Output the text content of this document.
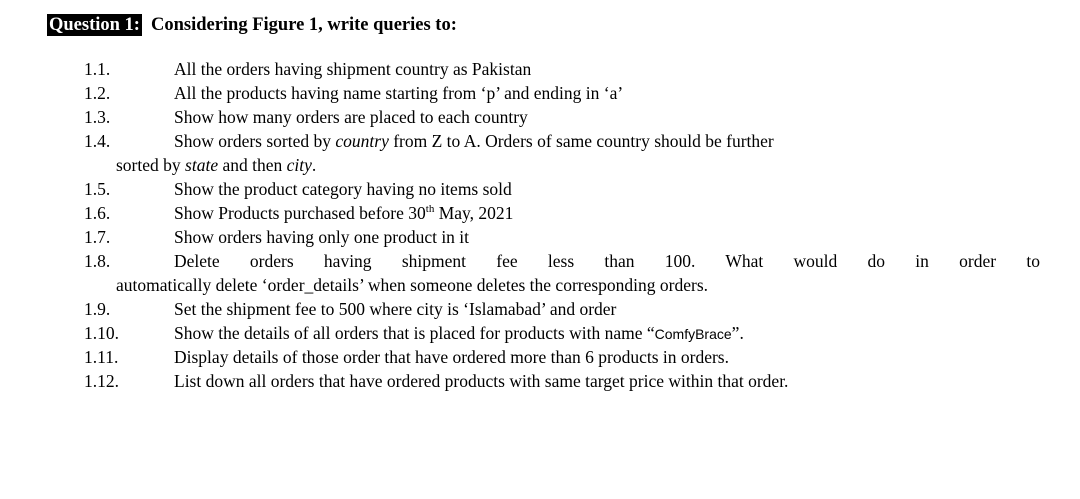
Question 1: Considering Figure 1, write queries to:
1.1.	All the orders having shipment country as Pakistan
1.2.	All the products having name starting from ‘p’ and ending in ‘a’
1.3.	Show how many orders are placed to each country
1.4.	Show orders sorted by country from Z to A. Orders of same country should be further
sorted by state and then city.
1.5.	Show the product category having no items sold
1.6.	Show Products purchased before 30th May, 2021
1.7.	Show orders having only one product in it
1.8.	Delete orders having shipment fee less than 100. What would do in order to
automatically delete ‘order_details’ when someone deletes the corresponding orders.
1.9.	Set the shipment fee to 500 where city is ‘Islamabad’ and order
1.10.	Show the details of all orders that is placed for products with name “ComfyBrace”.
1.11.	Display details of those order that have ordered more than 6 products in orders.
1.12.	List down all orders that have ordered products with same target price within that order.
